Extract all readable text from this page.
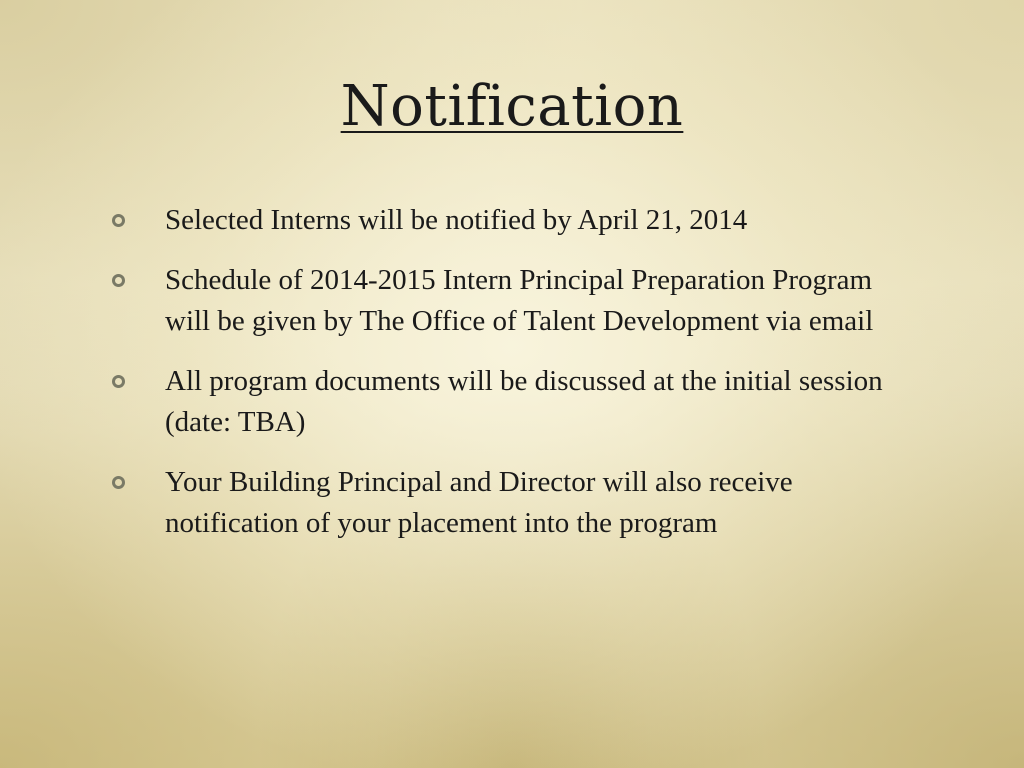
Notification
Selected Interns will be notified by April 21, 2014
Schedule of 2014-2015 Intern Principal Preparation Program will be given by The Office of Talent Development via email
All program documents will be discussed at the initial session (date: TBA)
Your Building Principal and Director will also receive notification of your placement into the program
